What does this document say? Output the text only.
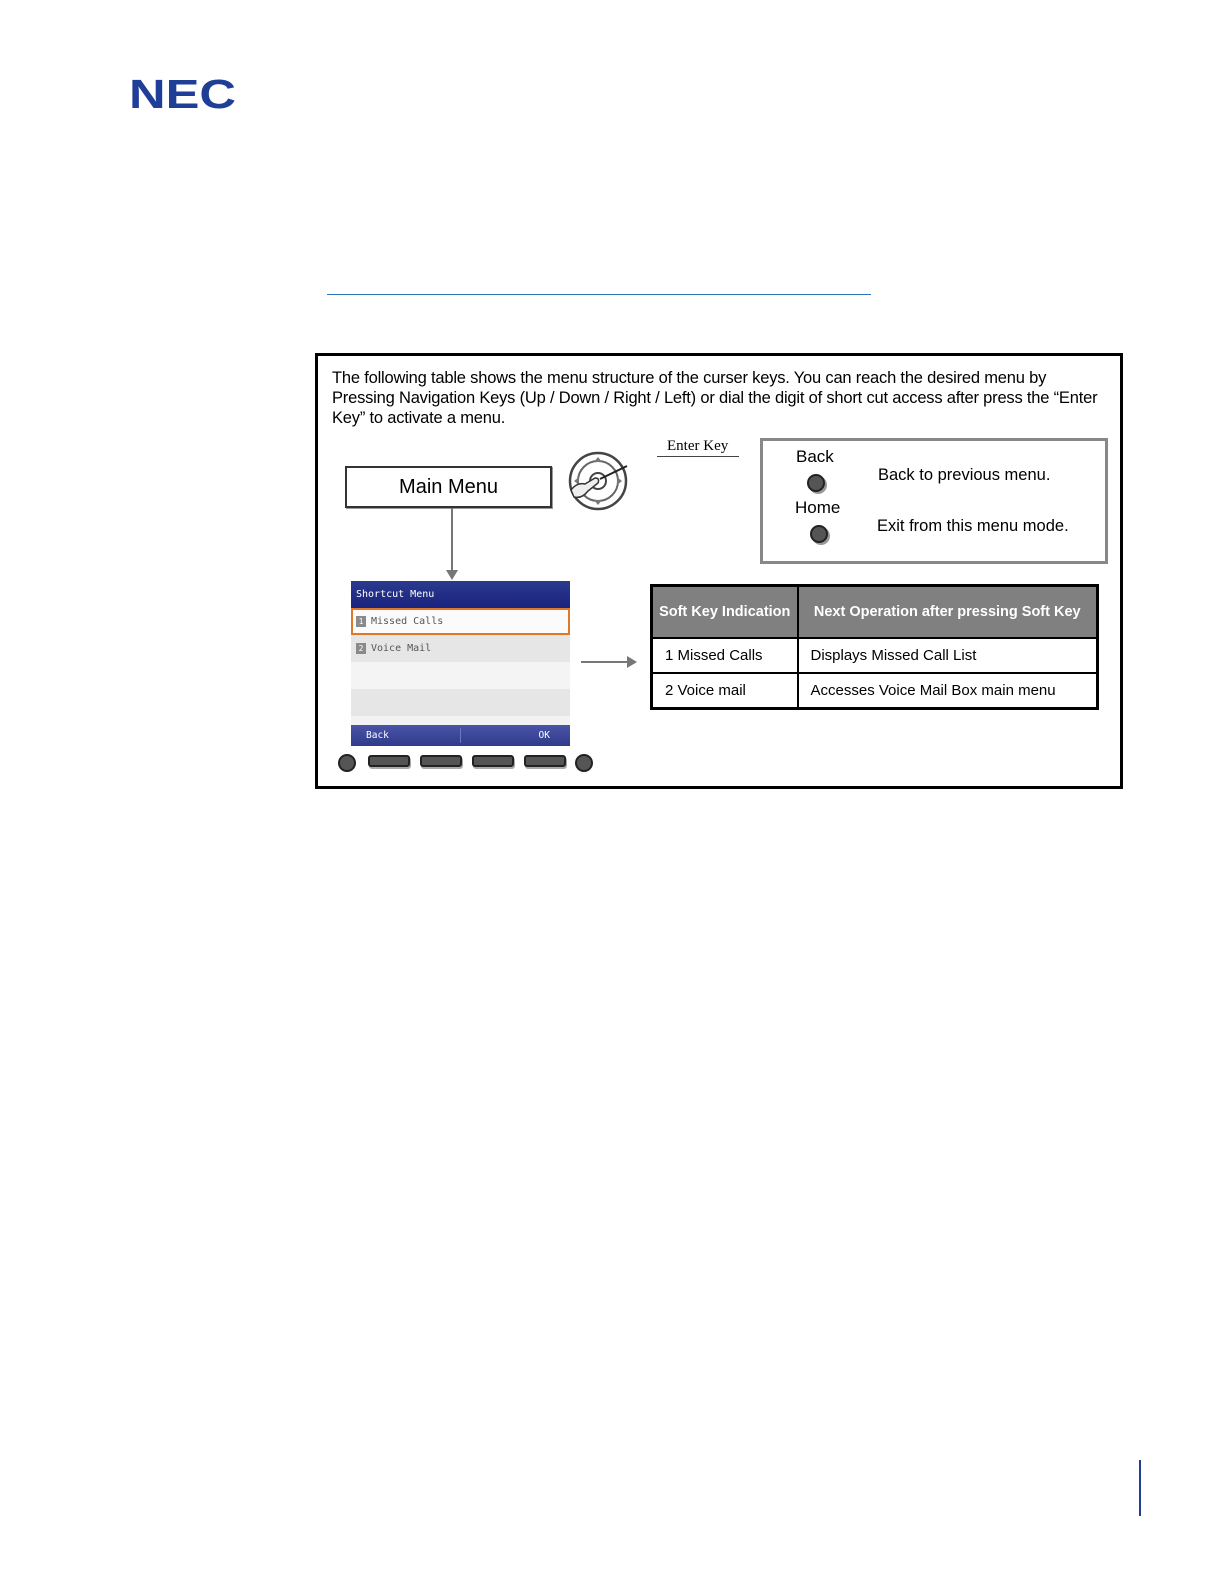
NEC
The following table shows the menu structure of the curser keys. You can reach the desired menu by Pressing Navigation Keys (Up / Down / Right / Left) or dial the digit of short cut access after press the “Enter Key” to activate a menu.
Main Menu
Enter Key
Back
Back to previous menu.
Home
Exit from this menu mode.
Shortcut Menu
1 Missed Calls
2 Voice Mail
Back	OK
Soft Key Indication	Next Operation after pressing Soft Key
1 Missed Calls	Displays Missed Call List
2 Voice mail	Accesses Voice Mail Box main menu
